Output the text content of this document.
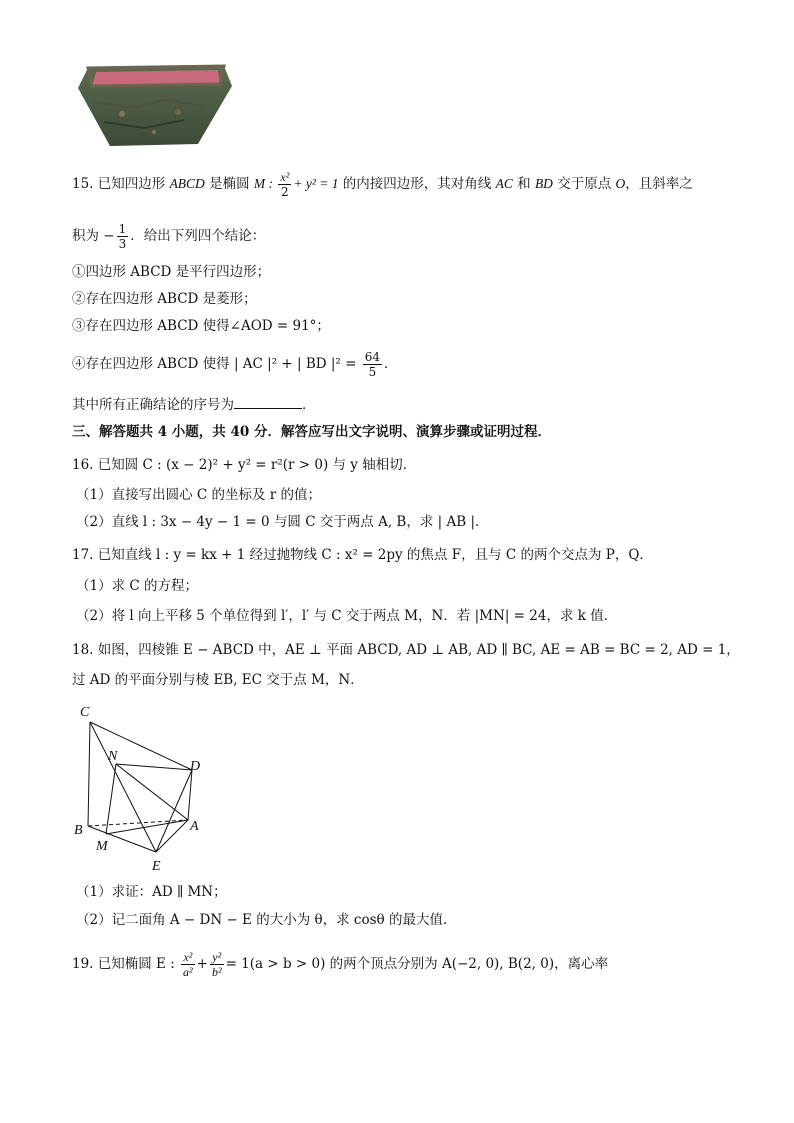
15. 已知四边形 ABCD 是椭圆 M : $\frac{\text{x²}}{2} + y^2 = 1$ 的内接四边形，其对角线 AC 和 BD 交于原点 O，且斜率之
积为 − $\frac{1}{3}$ ．给出下列四个结论：
①四边形 ABCD 是平行四边形；
②存在四边形 ABCD 是菱形；
③存在四边形 ABCD 使得∠AOD = 91°；
④存在四边形 ABCD 使得 | AC |² + | BD $|^2 = \frac{64}{5}$ ．
其中所有正确结论的序号为	．
三、解答题共 4 小题，共 40 分．解答应写出文字说明、演算步骤或证明过程．
16. 已知圆 C : (x − 2)² + y² = r²(r > 0) 与 y 轴相切．
（1）直接写出圆心 C 的坐标及 r 的值；
（2）直线 l : 3x − 4y − 1 = 0 与圆 C 交于两点 A, B，求 | AB |．
17. 已知直线 l : y = kx + 1 经过抛物线 C : x² = 2py 的焦点 F，且与 C 的两个交点为 P，Q．
（1）求 C 的方程；
（2）将 l 向上平移 5 个单位得到 l′，l′ 与 C 交于两点 M，N．若 |MN| = 24，求 k 值．
18. 如图，四棱锥 E − ABCD 中，AE ⊥ 平面 ABCD, AD ⊥ AB, AD ∥ BC, AE = AB = BC = 2, AD = 1，
过 AD 的平面分别与棱 EB, EC 交于点 M，N．
C
N
D
B	A
M
E
（1）求证：AD ∥ MN；
（2）记二面角 A − DN − E 的大小为 θ，求 cosθ 的最大值．
19. 已知椭圆 E : $\frac{\text{x²}}{\text{a²}} + \frac{\text{y²}}{\text{b²}} = 1(a > b > 0)$ 的两个顶点分别为 A(−2, 0), B(2, 0)，离心率
